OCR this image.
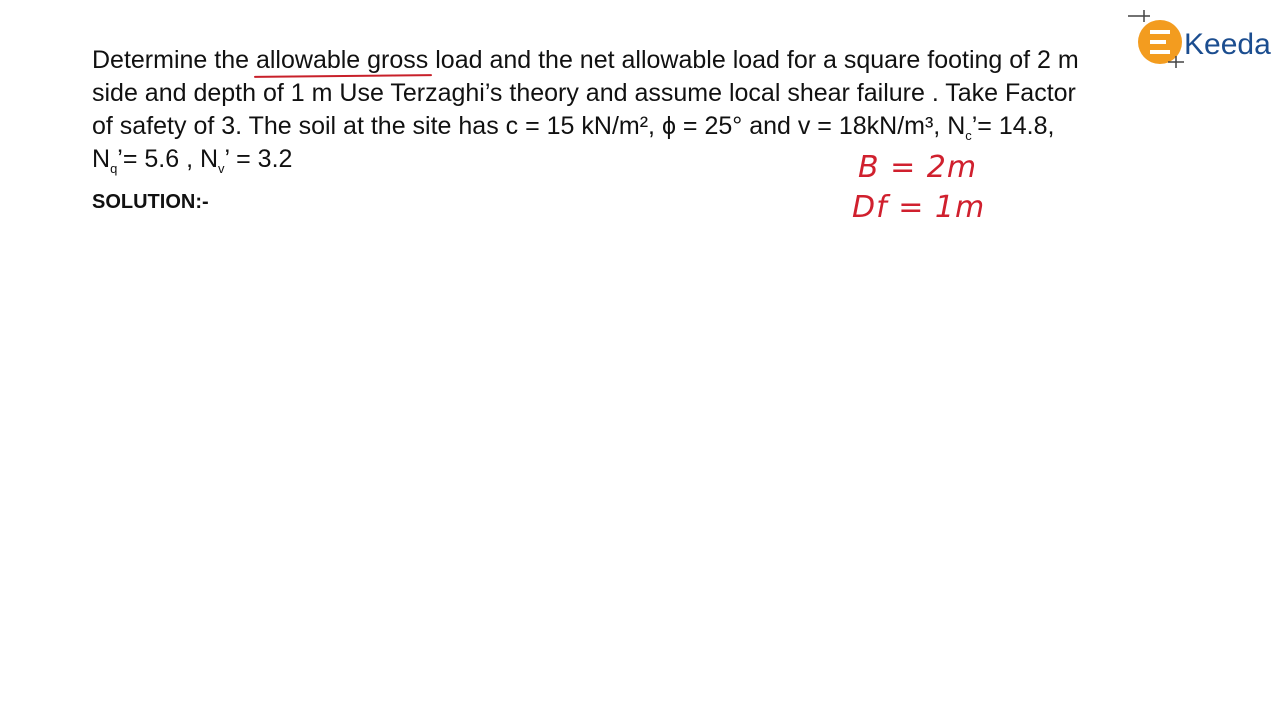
Determine the allowable gross load and the net allowable load for a square footing of 2 m
side and depth of 1 m Use Terzaghi’s theory and assume local shear failure . Take Factor
of safety of 3. The soil at the site has c = 15 kN/m², ϕ = 25° and v = 18kN/m³, $N_c’= 14.8$,
$N_q’= 5.6$ , $N_v$’ = 3.2
SOLUTION:-
B = 2m
Df = 1m
Keeda
